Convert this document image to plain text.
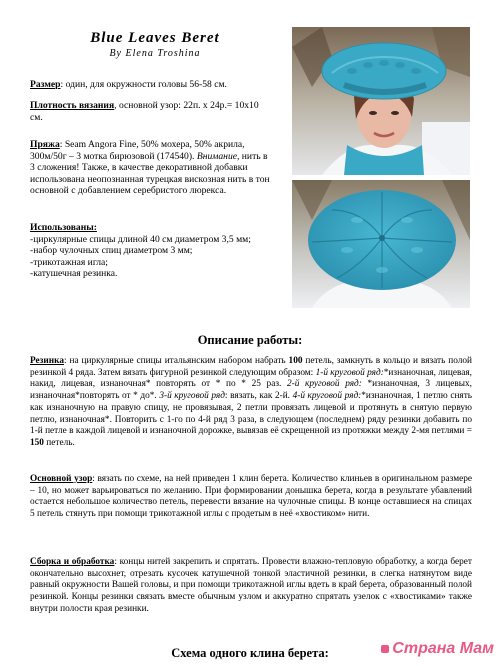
Blue Leaves Beret
By Elena Troshina
Размер: один, для окружности головы 56-58 см.
Плотность вязания, основной узор: 22п. х 24р.= 10х10 см.
Пряжа: Seam Angora Fine, 50% мохера, 50% акрила, 300м/50г – 3 мотка бирюзовой (174540). Внимание, нить в 3 сложения! Также, в качестве декоративной добавки использована неопознанная турецкая вискозная нить в тон основной с добавлением серебристого люрекса.
Использованы:
-циркулярные спицы длиной 40 см диаметром 3,5 мм;
-набор чулочных спиц диаметром 3 мм;
-трикотажная игла;
-катушечная резинка.
Описание работы:
Резинка: на циркулярные спицы итальянским набором набрать 100 петель, замкнуть в кольцо и вязать полой резинкой 4 ряда. Затем вязать фигурной резинкой следующим образом: 1-й круговой ряд:*изнаночная, лицевая, накид, лицевая, изнаночная* повторять от * по * 25 раз. 2-й круговой ряд: *изнаночная, 3 лицевых, изнаночная*повторять от * до*. 3-й круговой ряд: вязать, как 2-й. 4-й круговой ряд:*изнаночная, 1 петлю снять как изнаночную на правую спицу, не провязывая, 2 петли провязать лицевой и протянуть в снятую первую петлю, изнаночная*. Повторить с 1-го по 4-й ряд 3 раза, в следующем (последнем) ряду резинки добавить по 1-й петле в каждой лицевой и изнаночной дорожке, вывязав её скрещенной из протяжки между 2-мя петлями = 150 петель.
Основной узор: вязать по схеме, на ней приведен 1 клин берета. Количество клиньев в оригинальном размере – 10, но может варьироваться по желанию. При формировании донышка берета, когда в результате убавлений остается небольшое количество петель, перевести вязание на чулочные спицы. В конце оставшиеся на спицах 5 петель стянуть при помощи трикотажной иглы с продетым в неё «хвостиком» нити.
Сборка и обработка: концы нитей закрепить и спрятать. Провести влажно-тепловую обработку, а когда берет окончательно высохнет, отрезать кусочек катушечной тонкой эластичной резинки, в слегка натянутом виде равный окружности Вашей головы, и при помощи трикотажной иглы вдеть в край берета, образованный полой резинкой. Концы резинки связать вместе обычным узлом и аккуратно спрятать узелок с «хвостиками» также внутри полости края резинки.
Схема одного клина берета:	Страна Мам
